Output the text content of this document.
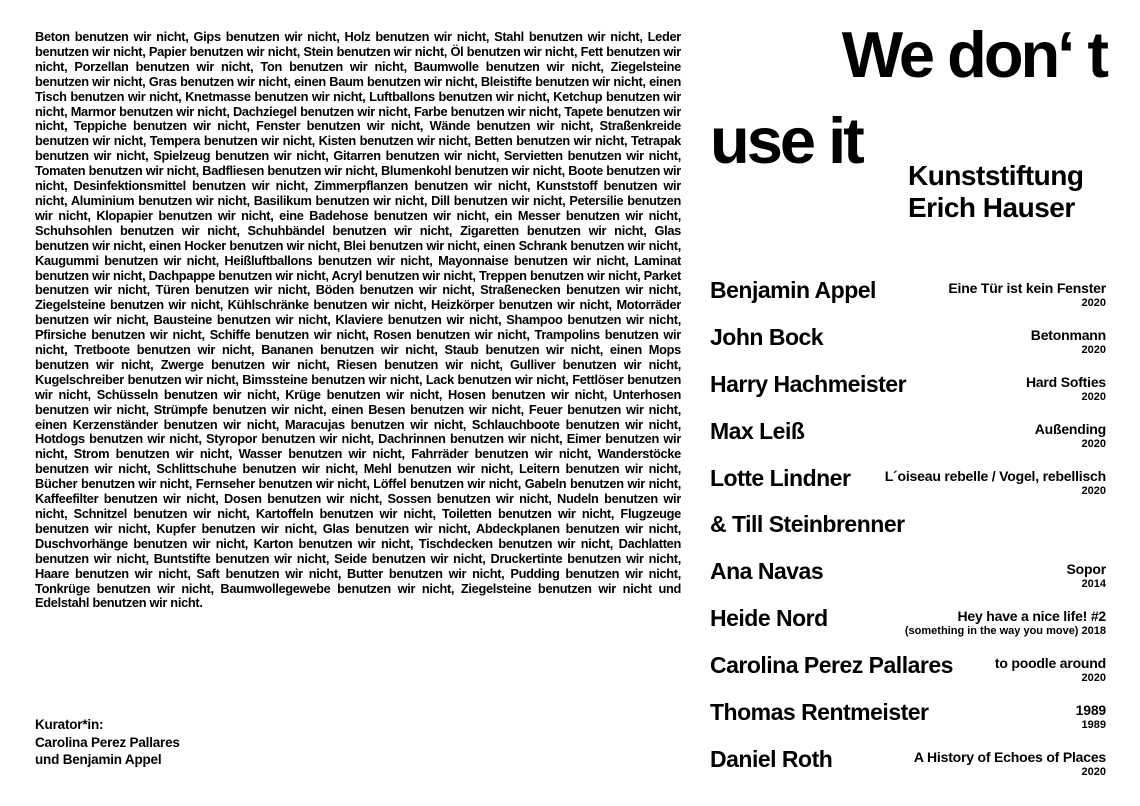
Beton benutzen wir nicht, Gips benutzen wir nicht, Holz benutzen wir nicht, Stahl benutzen wir nicht, Leder benutzen wir nicht, Papier benutzen wir nicht, Stein benutzen wir nicht, Öl benutzen wir nicht, Fett benutzen wir nicht, Porzellan benutzen wir nicht, Ton benutzen wir nicht, Baumwolle benutzen wir nicht, Ziegelsteine benutzen wir nicht, Gras benutzen wir nicht, einen Baum benutzen wir nicht, Bleistifte benutzen wir nicht, einen Tisch benutzen wir nicht, Knetmasse benutzen wir nicht, Luftballons benutzen wir nicht, Ketchup benutzen wir nicht, Marmor benutzen wir nicht, Dachziegel benutzen wir nicht, Farbe benutzen wir nicht, Tapete benutzen wir nicht, Teppiche benutzen wir nicht, Fenster benutzen wir nicht, Wände benutzen wir nicht, Straßenkreide benutzen wir nicht, Tempera benutzen wir nicht, Kisten benutzen wir nicht, Betten benutzen wir nicht, Tetrapak benutzen wir nicht, Spielzeug benutzen wir nicht, Gitarren benutzen wir nicht, Servietten benutzen wir nicht, Tomaten benutzen wir nicht, Badfliesen benutzen wir nicht, Blumenkohl benutzen wir nicht, Boote benutzen wir nicht, Desinfektionsmittel benutzen wir nicht, Zimmerpflanzen benutzen wir nicht, Kunststoff benutzen wir nicht, Aluminium benutzen wir nicht, Basilikum benutzen wir nicht, Dill benutzen wir nicht, Petersilie benutzen wir nicht, Klopapier benutzen wir nicht, eine Badehose benutzen wir nicht, ein Messer benutzen wir nicht, Schuhsohlen benutzen wir nicht, Schuhbändel benutzen wir nicht, Zigaretten benutzen wir nicht, Glas benutzen wir nicht, einen Hocker benutzen wir nicht, Blei benutzen wir nicht, einen Schrank benutzen wir nicht, Kaugummi benutzen wir nicht, Heißluftballons benutzen wir nicht, Mayonnaise benutzen wir nicht, Laminat benutzen wir nicht, Dachpappe benutzen wir nicht, Acryl benutzen wir nicht, Treppen benutzen wir nicht, Parket benutzen wir nicht, Türen benutzen wir nicht, Böden benutzen wir nicht, Straßenecken benutzen wir nicht, Ziegelsteine benutzen wir nicht, Kühlschränke benutzen wir nicht, Heizkörper benutzen wir nicht, Motorräder benutzen wir nicht, Bausteine benutzen wir nicht, Klaviere benutzen wir nicht, Shampoo benutzen wir nicht, Pfirsiche benutzen wir nicht, Schiffe benutzen wir nicht, Rosen benutzen wir nicht, Trampolins benutzen wir nicht, Tretboote benutzen wir nicht, Bananen benutzen wir nicht, Staub benutzen wir nicht, einen Mops benutzen wir nicht, Zwerge benutzen wir nicht, Riesen benutzen wir nicht, Gulliver benutzen wir nicht, Kugelschreiber benutzen wir nicht, Bimssteine benutzen wir nicht, Lack benutzen wir nicht, Fettlöser benutzen wir nicht, Schüsseln benutzen wir nicht, Krüge benutzen wir nicht, Hosen benutzen wir nicht, Unterhosen benutzen wir nicht, Strümpfe benutzen wir nicht, einen Besen benutzen wir nicht, Feuer benutzen wir nicht, einen Kerzenständer benutzen wir nicht, Maracujas benutzen wir nicht, Schlauchboote benutzen wir nicht, Hotdogs benutzen wir nicht, Styropor benutzen wir nicht, Dachrinnen benutzen wir nicht, Eimer benutzen wir nicht, Strom benutzen wir nicht, Wasser benutzen wir nicht, Fahrräder benutzen wir nicht, Wanderstöcke benutzen wir nicht, Schlittschuhe benutzen wir nicht, Mehl benutzen wir nicht, Leitern benutzen wir nicht, Bücher benutzen wir nicht, Fernseher benutzen wir nicht, Löffel benutzen wir nicht, Gabeln benutzen wir nicht, Kaffeefilter benutzen wir nicht, Dosen benutzen wir nicht, Sossen benutzen wir nicht, Nudeln benutzen wir nicht, Schnitzel benutzen wir nicht, Kartoffeln benutzen wir nicht, Toiletten benutzen wir nicht, Flugzeuge benutzen wir nicht, Kupfer benutzen wir nicht, Glas benutzen wir nicht, Abdeckplanen benutzen wir nicht, Duschvorhänge benutzen wir nicht, Karton benutzen wir nicht, Tischdecken benutzen wir nicht, Dachlatten benutzen wir nicht, Buntstifte benutzen wir nicht, Seide benutzen wir nicht, Druckertinte benutzen wir nicht, Haare benutzen wir nicht, Saft benutzen wir nicht, Butter benutzen wir nicht, Pudding benutzen wir nicht, Tonkrüge benutzen wir nicht, Baumwollegewebe benutzen wir nicht, Ziegelsteine benutzen wir nicht und Edelstahl benutzen wir nicht.

Kurator*in:
Carolina Perez Pallares
und Benjamin Appel
We don‘ t
use it Kunststiftung
Erich Hauser
Benjamin Appel	Eine Tür ist kein Fenster
2020
John Bock	Betonmann
2020
Harry Hachmeister	Hard Softies
2020
Max Leiß	Außending
2020
Lotte Lindner	L´oiseau rebelle / Vogel, rebellisch
2020
& Till Steinbrenner
Ana Navas	Sopor
2014
Heide Nord	Hey have a nice life! #2
(something in the way you move) 2018
Carolina Perez Pallares	to poodle around
2020
Thomas Rentmeister	1989
1989
Daniel Roth	A History of Echoes of Places
2020
